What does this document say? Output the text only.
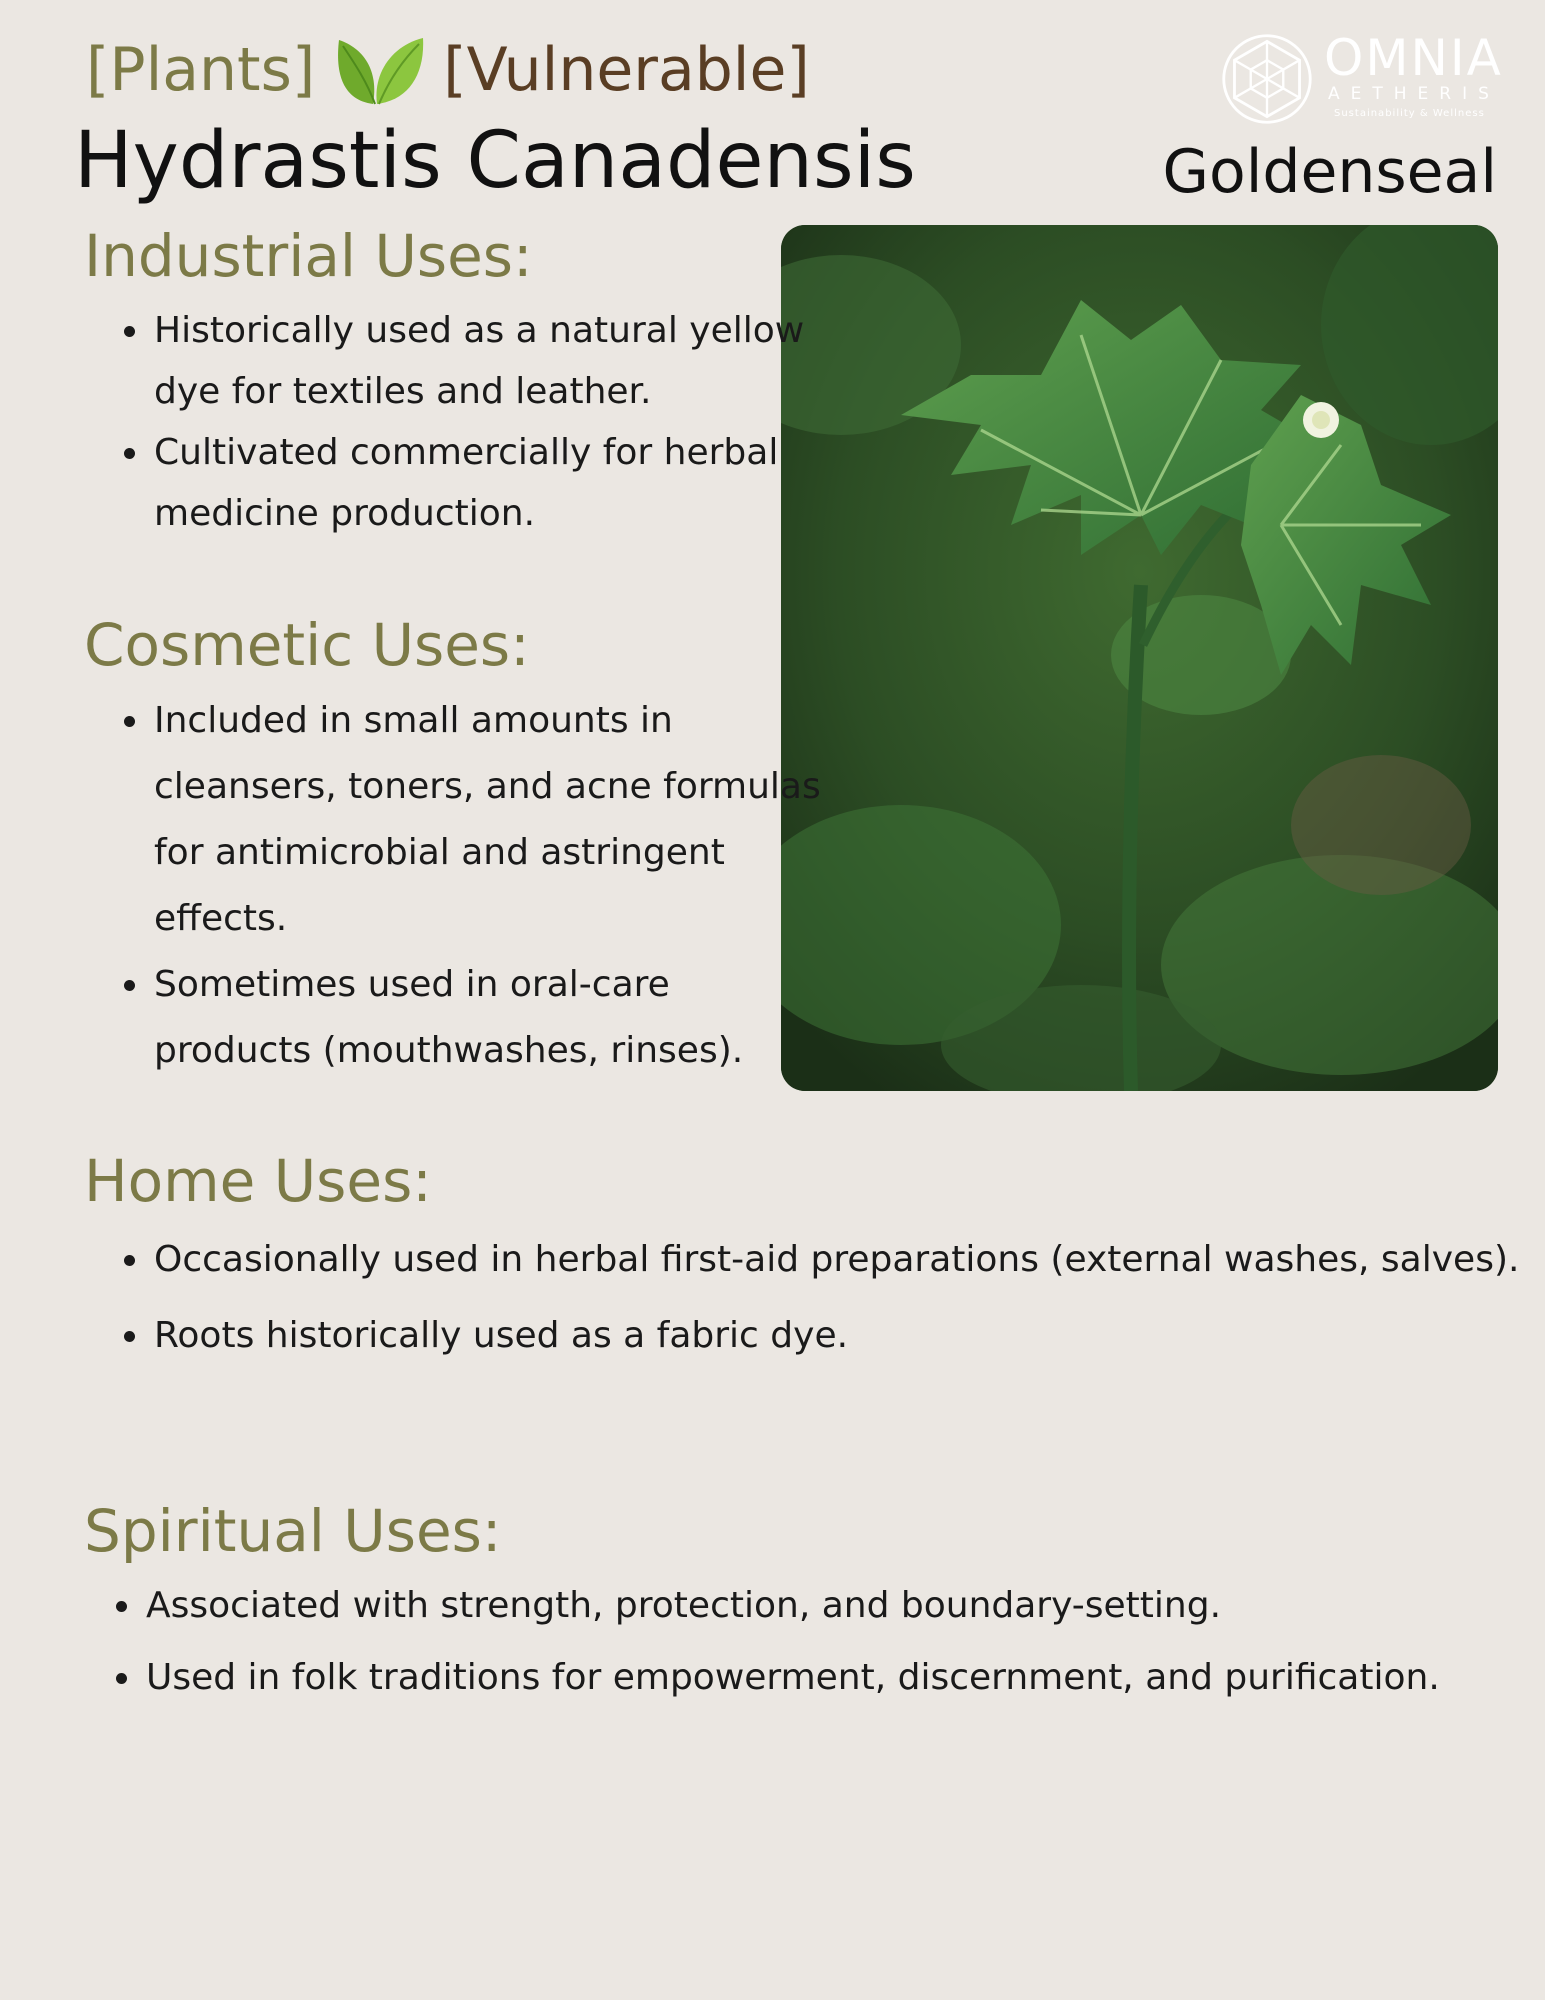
[Plants] [Vulnerable]
Hydrastis Canadensis	Goldenseal
OMNIA
AETHERIS
Sustainability & Wellness
Industrial Uses:
• Historically used as a natural yellow dye for textiles and leather.
• Cultivated commercially for herbal medicine production.
Cosmetic Uses:
• Included in small amounts in cleansers, toners, and acne formulas for antimicrobial and astringent effects.
• Sometimes used in oral-care products (mouthwashes, rinses).
Home Uses:
• Occasionally used in herbal first-aid preparations (external washes, salves).
• Roots historically used as a fabric dye.
Spiritual Uses:
• Associated with strength, protection, and boundary-setting.
• Used in folk traditions for empowerment, discernment, and purification.
